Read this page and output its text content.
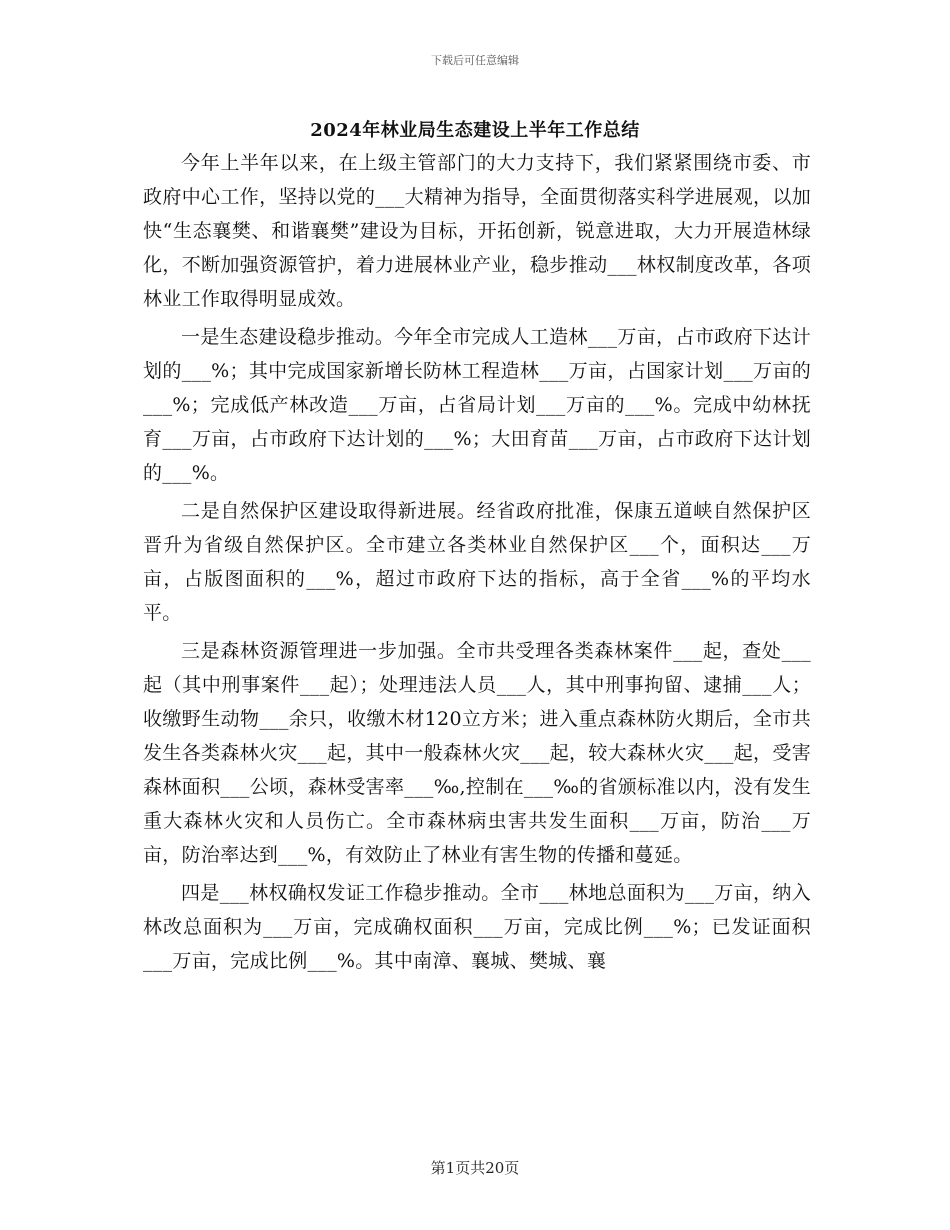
下载后可任意编辑
2024年林业局生态建设上半年工作总结

今年上半年以来，在上级主管部门的大力支持下，我们紧紧围绕市委、市政府中心工作，坚持以党的___大精神为指导，全面贯彻落实科学进展观，以加快“生态襄樊、和谐襄樊”建设为目标，开拓创新，锐意进取，大力开展造林绿化，不断加强资源管护，着力进展林业产业，稳步推动___林权制度改革，各项林业工作取得明显成效。

一是生态建设稳步推动。今年全市完成人工造林___万亩，占市政府下达计划的___%；其中完成国家新增长防林工程造林___万亩，占国家计划___万亩的___%；完成低产林改造___万亩，占省局计划___万亩的___%。完成中幼林抚育___万亩，占市政府下达计划的___%；大田育苗___万亩，占市政府下达计划的___%。

二是自然保护区建设取得新进展。经省政府批准，保康五道峡自然保护区晋升为省级自然保护区。全市建立各类林业自然保护区___个，面积达___万亩，占版图面积的___%，超过市政府下达的指标，高于全省___%的平均水平。

三是森林资源管理进一步加强。全市共受理各类森林案件___起，查处___起（其中刑事案件___起）；处理违法人员___人，其中刑事拘留、逮捕___人；收缴野生动物___余只，收缴木材120立方米；进入重点森林防火期后，全市共发生各类森林火灾___起，其中一般森林火灾___起，较大森林火灾___起，受害森林面积___公顷，森林受害率___‰,控制在___‰的省颁标准以内，没有发生重大森林火灾和人员伤亡。全市森林病虫害共发生面积___万亩，防治___万亩，防治率达到___%，有效防止了林业有害生物的传播和蔓延。

四是___林权确权发证工作稳步推动。全市___林地总面积为___万亩，纳入林改总面积为___万亩，完成确权面积___万亩，完成比例___%；已发证面积___万亩，完成比例___%。其中南漳、襄城、樊城、襄

第1页共20页
